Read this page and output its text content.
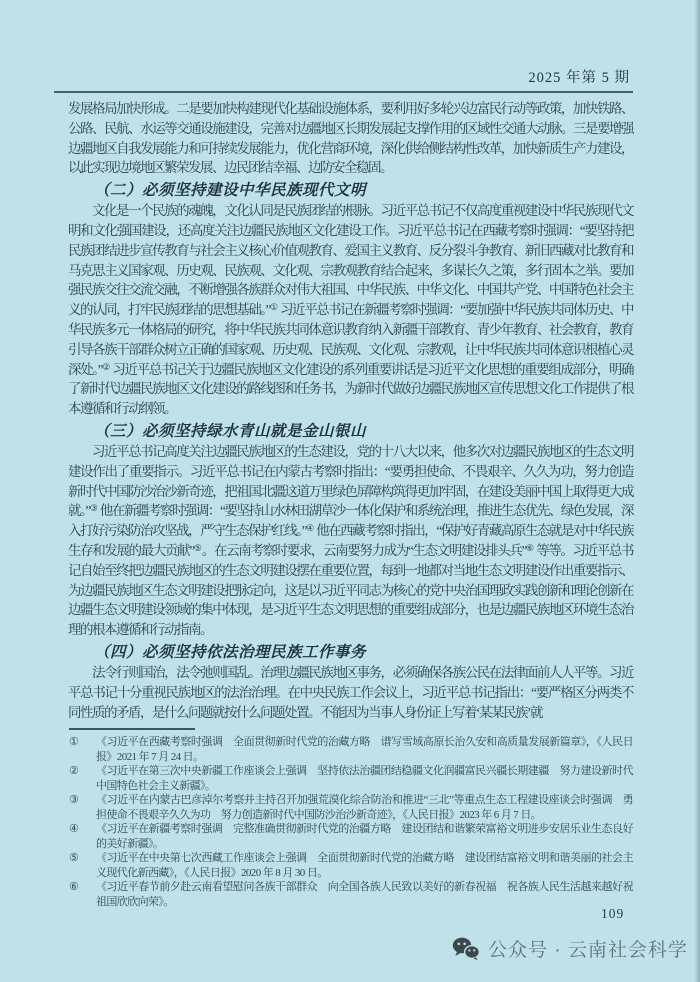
2025 年第 5 期

发展格局加快形成。二是要加快构建现代化基础设施体系，要利用好多轮兴边富民行动等政策，加快铁路、公路、民航、水运等交通设施建设，完善对边疆地区长期发展起支撑作用的区域性交通大动脉。三是要增强边疆地区自我发展能力和可持续发展能力，优化营商环境，深化供给侧结构性改革，加快新质生产力建设，以此实现边境地区繁荣发展、边民团结幸福、边防安全稳固。

（二）必须坚持建设中华民族现代文明

文化是一个民族的魂魄，文化认同是民族团结的根脉。习近平总书记不仅高度重视建设中华民族现代文明和文化强国建设，还高度关注边疆民族地区文化建设工作。习近平总书记在西藏考察时强调：“要坚持把民族团结进步宣传教育与社会主义核心价值观教育、爱国主义教育、反分裂斗争教育、新旧西藏对比教育和马克思主义国家观、历史观、民族观、文化观、宗教观教育结合起来，多谋长久之策，多行固本之举。要加强民族交往交流交融，不断增强各族群众对伟大祖国、中华民族、中华文化、中国共产党、中国特色社会主义的认同，打牢民族团结的思想基础。”① 习近平总书记在新疆考察时强调：“要加强中华民族共同体历史、中华民族多元一体格局的研究，将中华民族共同体意识教育纳入新疆干部教育、青少年教育、社会教育，教育引导各族干部群众树立正确的国家观、历史观、民族观、文化观、宗教观，让中华民族共同体意识根植心灵深处。”② 习近平总书记关于边疆民族地区文化建设的系列重要讲话是习近平文化思想的重要组成部分，明确了新时代边疆民族地区文化建设的路线图和任务书，为新时代做好边疆民族地区宣传思想文化工作提供了根本遵循和行动纲领。

（三）必须坚持绿水青山就是金山银山

习近平总书记高度关注边疆民族地区的生态建设，党的十八大以来，他多次对边疆民族地区的生态文明建设作出了重要指示。习近平总书记在内蒙古考察时指出：“要勇担使命、不畏艰辛、久久为功，努力创造新时代中国防沙治沙新奇迹，把祖国北疆这道万里绿色屏障构筑得更加牢固，在建设美丽中国上取得更大成就。”③ 他在新疆考察时强调：“要坚持山水林田湖草沙一体化保护和系统治理，推进生态优先、绿色发展，深入打好污染防治攻坚战，严守生态保护红线。”④ 他在西藏考察时指出，“保护好青藏高原生态就是对中华民族生存和发展的最大贡献”⑤。在云南考察时要求，云南要努力成为“生态文明建设排头兵”⑥ 等等。习近平总书记自始至终把边疆民族地区的生态文明建设摆在重要位置，每到一地都对当地生态文明建设作出重要指示、为边疆民族地区生态文明建设把脉定向，这是以习近平同志为核心的党中央治国理政实践创新和理论创新在边疆生态文明建设领域的集中体现，是习近平生态文明思想的重要组成部分，也是边疆民族地区环境生态治理的根本遵循和行动指南。

（四）必须坚持依法治理民族工作事务

法令行则国治，法令弛则国乱。治理边疆民族地区事务，必须确保各族公民在法律面前人人平等。习近平总书记十分重视民族地区的法治治理。在中央民族工作会议上，习近平总书记指出：“要严格区分两类不同性质的矛盾，是什么问题就按什么问题处置。不能因为当事人身份证上写着‘某某民族’就

①	《习近平在西藏考察时强调　全面贯彻新时代党的治藏方略　谱写雪域高原长治久安和高质量发展新篇章》，《人民日报》2021 年 7 月 24 日。
②	《习近平在第三次中央新疆工作座谈会上强调　坚持依法治疆团结稳疆文化润疆富民兴疆长期建疆　努力建设新时代中国特色社会主义新疆》。
③	《习近平在内蒙古巴彦淖尔考察并主持召开加强荒漠化综合防治和推进“三北”等重点生态工程建设座谈会时强调　勇担使命不畏艰辛久久为功　努力创造新时代中国防沙治沙新奇迹》，《人民日报》2023 年 6 月 7 日。
④	《习近平在新疆考察时强调　完整准确贯彻新时代党的治疆方略　建设团结和谐繁荣富裕文明进步安居乐业生态良好的美好新疆》。
⑤	《习近平在中央第七次西藏工作座谈会上强调　全面贯彻新时代党的治藏方略　建设团结富裕文明和谐美丽的社会主义现代化新西藏》，《人民日报》2020 年 8 月 30 日。
⑥	《习近平春节前夕赴云南看望慰问各族干部群众　向全国各族人民致以美好的新春祝福　祝各族人民生活越来越好祝祖国欣欣向荣》。
109
公众号 · 云南社会科学
